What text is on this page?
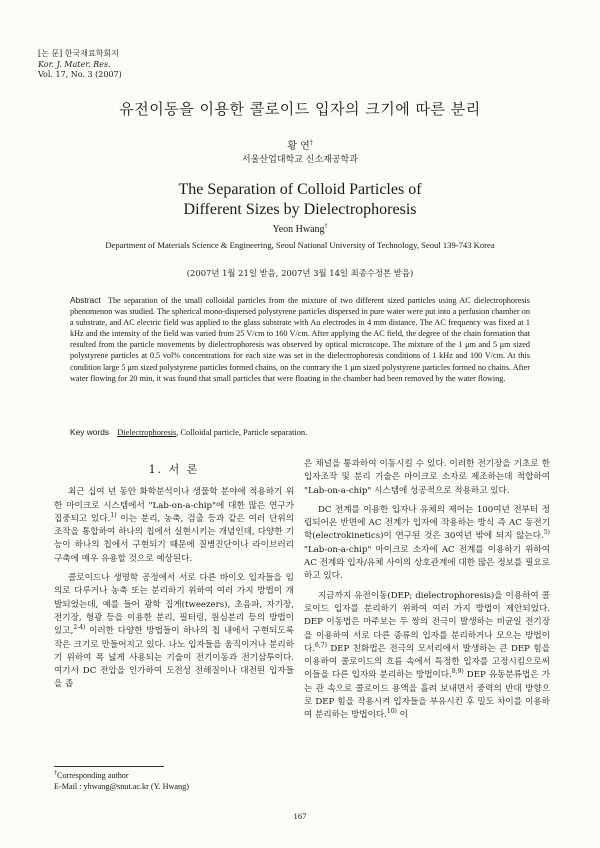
[논 문] 한국재료학회지
Kor. J. Mater. Res.
Vol. 17, No. 3 (2007)
유전이동을 이용한 콜로이드 입자의 크기에 따른 분리
황 연†
서울산업대학교 신소재공학과
The Separation of Colloid Particles of
Different Sizes by Dielectrophoresis
Yeon Hwang†
Department of Materials Science & Engineering, Seoul National University of Technology, Seoul 139-743 Korea
(2007년 1월 21일 받음, 2007년 3월 14일 최종수정본 받음)
Abstract The separation of the small colloidal particles from the mixture of two different sized particles using AC dielectrophoresis phenomenon was studied. The spherical mono-dispersed polystyrene particles dispersed in pure water were put into a perfusion chamber on a substrate, and AC electric field was applied to the glass substrate with Au electrodes in 4 mm distance. The AC frequency was fixed at 1 kHz and the intensity of the field was varied from 25 V/cm to 160 V/cm. After applying the AC field, the degree of the chain formation that resulted from the particle movements by dielectrophoresis was observed by optical microscope. The mixture of the 1 μm and 5 μm sized polystyrene particles at 0.5 vol% concentrations for each size was set in the dielectrophoresis conditions of 1 kHz and 100 V/cm. At this condition large 5 μm sized polystyrene particles formed chains, on the contrary the 1 μm sized polystyrene particles formed no chains. After water flowing for 20 min, it was found that small particles that were floating in the chamber had been removed by the water flowing.
Key words Dielectrophoresis, Colloidal particle, Particle separation.
1. 서 론

최근 십여 년 동안 화학분석이나 생물학 분야에 적용하기 위한 마이크로 시스템에서 "Lab-on-a-chip"에 대한 많은 연구가 집중되고 있다.$^{1)}$ 이는 분리, 농축, 검출 등과 같은 여러 단위의 조작을 통합하여 하나의 칩에서 실현시키는 개념인데, 다양한 기능이 하나의 칩에서 구현되기 때문에 질병진단이나 라이브러리 구축에 매우 유용할 것으로 예상된다.

콜로이드나 생명학 공정에서 서로 다른 바이오 입자들을 임의로 다루거나 농축 또는 분리하기 위하여 여러 가지 방법이 개발되었는데, 예를 들어 광학 집게(tweezers), 초음파, 자기장, 전기장, 형광 등을 이용한 분리, 필터링, 원심분리 등의 방법이 있고,$^{2-4)}$ 이러한 다양한 방법들이 하나의 칩 내에서 구현되도록 작은 크기로 만들어지고 있다. 나노 입자들을 움직이거나 분리하기 위하여 폭 넓게 사용되는 기술이 전기이동과 전기삼투이다. 여기서 DC 전압을 인가하여 도전성 전해질이나 대전된 입자들을 좁

은 채널을 통과하여 이동시킬 수 있다. 이러한 전기장을 기초로 한 입자조작 및 분리 기술은 마이크로 소자로 제조하는데 적합하여 "Lab-on-a-chip" 시스템에 성공적으로 적용하고 있다.

DC 전계를 이용한 입자나 유체의 제어는 100여년 전부터 정립되어온 반면에 AC 전계가 입자에 작용하는 방식 즉 AC 동전기학(electrokinetics)이 연구된 것은 30여년 밖에 되지 않는다.$^{5)}$ "Lab-on-a-chip" 마이크로 소자에 AC 전계를 이용하기 위하여 AC 전계와 입자/유체 사이의 상호관계에 대한 많은 정보를 필요로 하고 있다.

지금까지 유전이동(DEP; dielectrophoresis)을 이용하여 콜로이드 입자를 분리하기 위하여 여러 가지 방법이 제안되었다. DEP 이동법은 마주보는 두 쌍의 전극이 발생하는 비균일 전기장을 이용하여 서로 다른 종류의 입자를 분리하거나 모으는 방법이다.$^{6,7)}$ DEP 친화법은 전극의 모서리에서 발생하는 큰 DEP 힘을 이용하여 콜로이드의 흐름 속에서 특정한 입자를 고정시킴으로써 이들을 다른 입자와 분리하는 방법이다.$^{8,9)}$ DEP 유동분류법은 가는 관 속으로 콜로이드 용액을 흘려 보내면서 중력의 반대 방향으로 DEP 힘을 작용시켜 입자들을 부유시킨 후 밀도 차이를 이용하여 분리하는 방법이다.$^{10)}$ 이

†Corresponding author
E-Mail : yhwang@snut.ac.kr (Y. Hwang)
167
